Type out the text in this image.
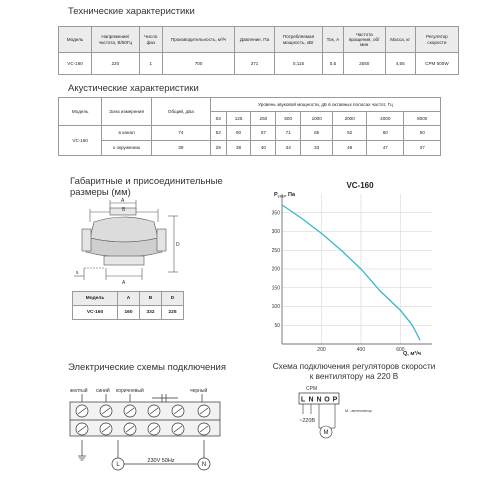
Технические характеристики
Модель	Напряжение/ частота, В/50Гц	Число фаз	Производительность, м³/ч	Давление, Па	Потребляемая мощность, кВт	Ток, А	Частота вращения, об/мин	Масса, кг	Регулятор скорости
VC-160	220	1	700	371	0,115	0,5	2550	4,55	CPM 500W
Акустические характеристики
Модель	Зона измерения	Общий, дБа	Уровень звуковой мощности, дБ в октавных полосах частот, Гц							
			63	125	250	500	1000	2000	4000	8000
VC-160	в канал	74	52	60	67	71	65	62	60	50
	к окружению	39	29	38	40	34	33	49	47	37
Габаритные и присоединительные
размеры (мм)
A
B
D
A
5
Модель	A	B	D
VC-160	160	332	225
VC-160
$P_{стат}$, Па
50
100
150
200
250
300
350
200	400	600
Q, м³/ч
Электрические схемы подключения
желтый синий коричневый	черный
L	N
230V 50Hz
Схема подключения регуляторов скорости
к вентилятору на 220 В
CPM
L N N O P
~220В
M
M - вентилятор
